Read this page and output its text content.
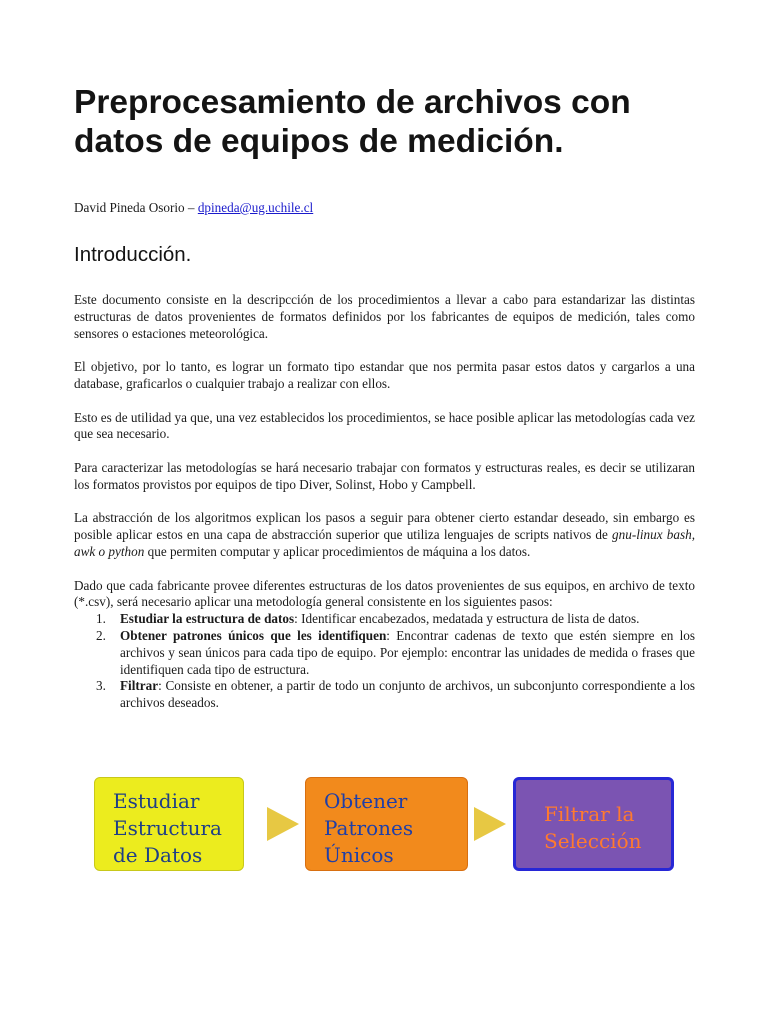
Preprocesamiento de archivos con datos de equipos de medición.
David Pineda Osorio – dpineda@ug.uchile.cl
Introducción.

Este documento consiste en la descripcción de los procedimientos a llevar a cabo para estandarizar las distintas estructuras de datos provenientes de formatos definidos por los fabricantes de equipos de medición, tales como sensores o estaciones meteorológica.

El objetivo, por lo tanto, es lograr un formato tipo estandar que nos permita pasar estos datos y cargarlos a una database, graficarlos o cualquier trabajo a realizar con ellos.

Esto es de utilidad ya que, una vez establecidos los procedimientos, se hace posible aplicar las metodologías cada vez que sea necesario.

Para caracterizar las metodologías se hará necesario trabajar con formatos y estructuras reales, es decir se utilizaran los formatos provistos por equipos de tipo Diver, Solinst, Hobo y Campbell.

La abstracción de los algoritmos explican los pasos a seguir para obtener cierto estandar deseado, sin embargo es posible aplicar estos en una capa de abstracción superior que utiliza lenguajes de scripts nativos de gnu-linux bash, awk o python que permiten computar y aplicar procedimientos de máquina a los datos.

Dado que cada fabricante provee diferentes estructuras de los datos provenientes de sus equipos, en archivo de texto (*.csv), será necesario aplicar una metodología general consistente en los siguientes pasos:

1. Estudiar la estructura de datos: Identificar encabezados, medatada y estructura de lista de datos.
2. Obtener patrones únicos que les identifiquen: Encontrar cadenas de texto que estén siempre en los archivos y sean únicos para cada tipo de equipo. Por ejemplo: encontrar las unidades de medida o frases que identifiquen cada tipo de estructura.
3. Filtrar: Consiste en obtener, a partir de todo un conjunto de archivos, un subconjunto correspondiente a los archivos deseados.
Estudiar
Estructura
de Datos
Obtener
Patrones
Únicos
Filtrar la
Selección
